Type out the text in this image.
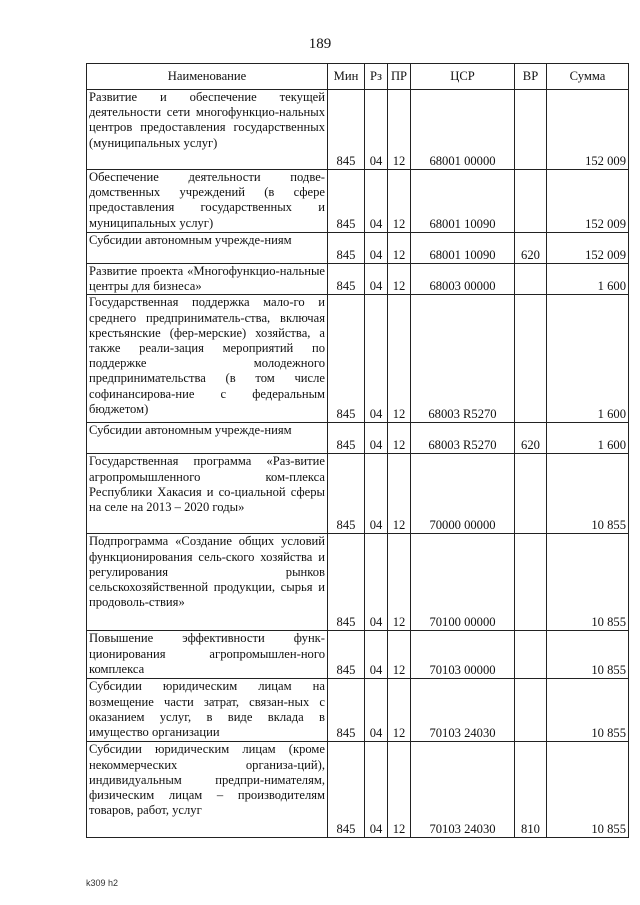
189
Наименование	Мин	Рз	ПР	ЦСР	ВР	Сумма
Развитие и обеспечение текущей деятельности сети многофункцио-нальных центров предоставления государственных (муниципальных услуг)	845	04	12	68001 00000		152 009
Обеспечение деятельности подве-домственных учреждений (в сфере предоставления государственных и муниципальных услуг)	845	04	12	68001 10090		152 009
Субсидии автономным учрежде-ниям	845	04	12	68001 10090	620	152 009
Развитие проекта «Многофункцио-нальные центры для бизнеса»	845	04	12	68003 00000		1 600
Государственная поддержка мало-го и среднего предприниматель-ства, включая крестьянские (фер-мерские) хозяйства, а также реали-зация мероприятий по поддержке молодежного предпринимательства (в том числе софинансирова-ние с федеральным бюджетом)	845	04	12	68003 R5270		1 600
Субсидии автономным учрежде-ниям	845	04	12	68003 R5270	620	1 600
Государственная программа «Раз-витие агропромышленного ком-плекса Республики Хакасия и со-циальной сферы на селе на 2013 – 2020 годы»	845	04	12	70000 00000		10 855
Подпрограмма «Создание общих условий функционирования сель-ского хозяйства и регулирования рынков сельскохозяйственной продукции, сырья и продоволь-ствия»	845	04	12	70100 00000		10 855
Повышение эффективности функ-ционирования агропромышлен-ного комплекса	845	04	12	70103 00000		10 855
Субсидии юридическим лицам на возмещение части затрат, связан-ных с оказанием услуг, в виде вклада в имущество организации	845	04	12	70103 24030		10 855
Субсидии юридическим лицам (кроме некоммерческих организа-ций), индивидуальным предпри-нимателям, физическим лицам – производителям товаров, работ, услуг	845	04	12	70103 24030	810	10 855
k309 h2
